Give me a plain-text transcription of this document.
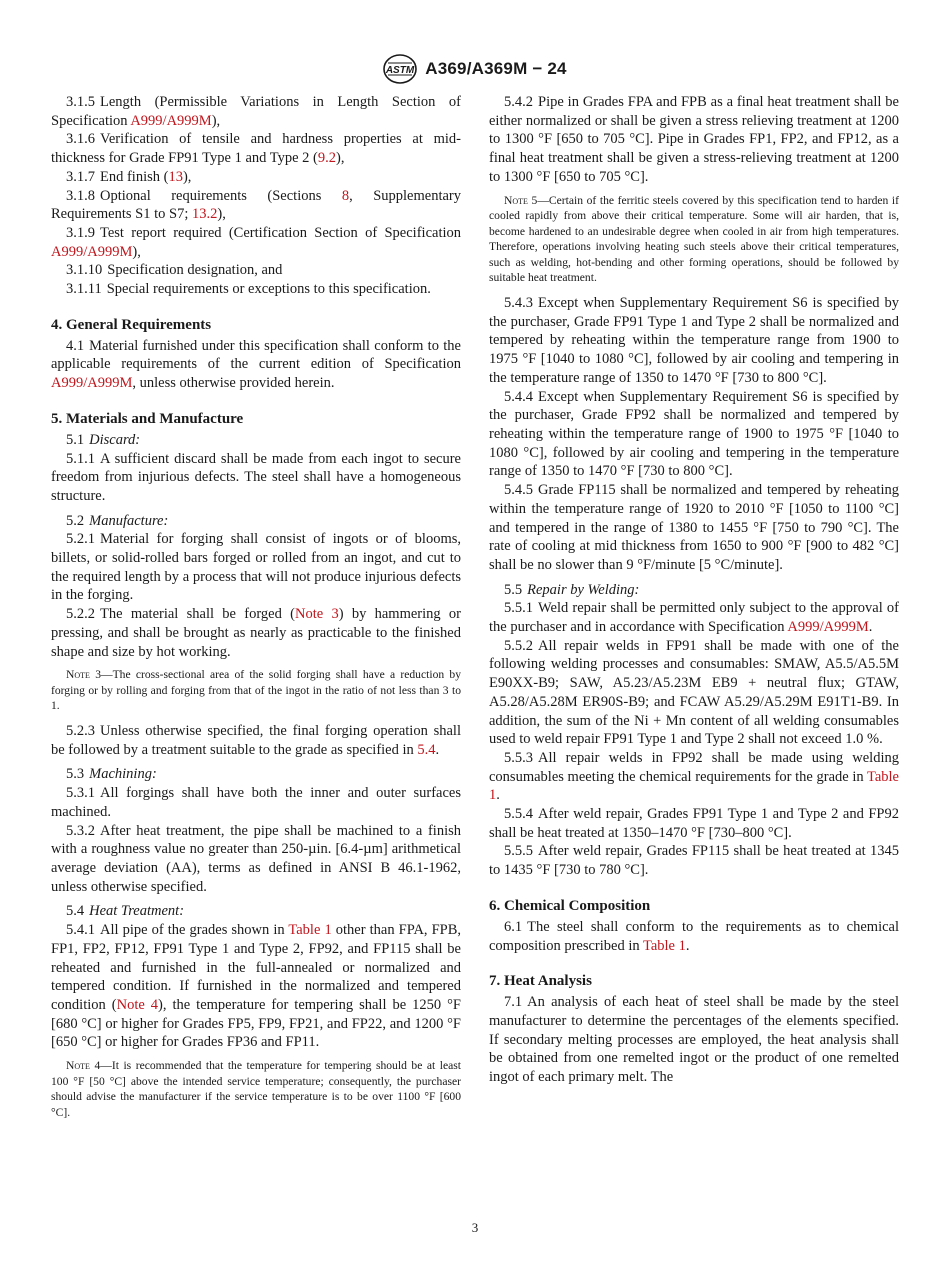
ASTM A369/A369M − 24

3.1.5 Length (Permissible Variations in Length Section of Specification A999/A999M),

3.1.6 Verification of tensile and hardness properties at mid-thickness for Grade FP91 Type 1 and Type 2 (9.2),

3.1.7 End finish (13),

3.1.8 Optional requirements (Sections 8, Supplementary Requirements S1 to S7; 13.2),

3.1.9 Test report required (Certification Section of Specification A999/A999M),

3.1.10 Specification designation, and

3.1.11 Special requirements or exceptions to this specification.

4. General Requirements

4.1 Material furnished under this specification shall conform to the applicable requirements of the current edition of Specification A999/A999M, unless otherwise provided herein.

5. Materials and Manufacture

5.1 Discard:

5.1.1 A sufficient discard shall be made from each ingot to secure freedom from injurious defects. The steel shall have a homogeneous structure.

5.2 Manufacture:

5.2.1 Material for forging shall consist of ingots or of blooms, billets, or solid-rolled bars forged or rolled from an ingot, and cut to the required length by a process that will not produce injurious defects in the forging.

5.2.2 The material shall be forged (Note 3) by hammering or pressing, and shall be brought as nearly as practicable to the finished shape and size by hot working.

Note 3—The cross-sectional area of the solid forging shall have a reduction by forging or by rolling and forging from that of the ingot in the ratio of not less than 3 to 1.

5.2.3 Unless otherwise specified, the final forging operation shall be followed by a treatment suitable to the grade as specified in 5.4.

5.3 Machining:

5.3.1 All forgings shall have both the inner and outer surfaces machined.

5.3.2 After heat treatment, the pipe shall be machined to a finish with a roughness value no greater than 250-µin. [6.4-µm] arithmetical average deviation (AA), terms as defined in ANSI B 46.1-1962, unless otherwise specified.

5.4 Heat Treatment:

5.4.1 All pipe of the grades shown in Table 1 other than FPA, FPB, FP1, FP2, FP12, FP91 Type 1 and Type 2, FP92, and FP115 shall be reheated and furnished in the full-annealed or normalized and tempered condition. If furnished in the normalized and tempered condition (Note 4), the temperature for tempering shall be 1250 °F [680 °C] or higher for Grades FP5, FP9, FP21, and FP22, and 1200 °F [650 °C] or higher for Grades FP36 and FP11.

Note 4—It is recommended that the temperature for tempering should be at least 100 °F [50 °C] above the intended service temperature; consequently, the purchaser should advise the manufacturer if the service temperature is to be over 1100 °F [600 °C].

5.4.2 Pipe in Grades FPA and FPB as a final heat treatment shall be either normalized or shall be given a stress relieving treatment at 1200 to 1300 °F [650 to 705 °C]. Pipe in Grades FP1, FP2, and FP12, as a final heat treatment shall be given a stress-relieving treatment at 1200 to 1300 °F [650 to 705 °C].

Note 5—Certain of the ferritic steels covered by this specification tend to harden if cooled rapidly from above their critical temperature. Some will air harden, that is, become hardened to an undesirable degree when cooled in air from high temperatures. Therefore, operations involving heating such steels above their critical temperatures, such as welding, hot-bending and other forming operations, should be followed by suitable heat treatment.

5.4.3 Except when Supplementary Requirement S6 is specified by the purchaser, Grade FP91 Type 1 and Type 2 shall be normalized and tempered by reheating within the temperature range from 1900 to 1975 °F [1040 to 1080 °C], followed by air cooling and tempering in the temperature range of 1350 to 1470 °F [730 to 800 °C].

5.4.4 Except when Supplementary Requirement S6 is specified by the purchaser, Grade FP92 shall be normalized and tempered by reheating within the temperature range of 1900 to 1975 °F [1040 to 1080 °C], followed by air cooling and tempering in the temperature range of 1350 to 1470 °F [730 to 800 °C].

5.4.5 Grade FP115 shall be normalized and tempered by reheating within the temperature range of 1920 to 2010 °F [1050 to 1100 °C] and tempered in the range of 1380 to 1455 °F [750 to 790 °C]. The rate of cooling at mid thickness from 1650 to 900 °F [900 to 482 °C] shall be no slower than 9 °F/minute [5 °C/minute].

5.5 Repair by Welding:

5.5.1 Weld repair shall be permitted only subject to the approval of the purchaser and in accordance with Specification A999/A999M.

5.5.2 All repair welds in FP91 shall be made with one of the following welding processes and consumables: SMAW, A5.5/A5.5M E90XX-B9; SAW, A5.23/A5.23M EB9 + neutral flux; GTAW, A5.28/A5.28M ER90S-B9; and FCAW A5.29/A5.29M E91T1-B9. In addition, the sum of the Ni + Mn content of all welding consumables used to weld repair FP91 Type 1 and Type 2 shall not exceed 1.0 %.

5.5.3 All repair welds in FP92 shall be made using welding consumables meeting the chemical requirements for the grade in Table 1.

5.5.4 After weld repair, Grades FP91 Type 1 and Type 2 and FP92 shall be heat treated at 1350–1470 °F [730–800 °C].

5.5.5 After weld repair, Grades FP115 shall be heat treated at 1345 to 1435 °F [730 to 780 °C].

6. Chemical Composition

6.1 The steel shall conform to the requirements as to chemical composition prescribed in Table 1.

7. Heat Analysis

7.1 An analysis of each heat of steel shall be made by the steel manufacturer to determine the percentages of the elements specified. If secondary melting processes are employed, the heat analysis shall be obtained from one remelted ingot or the product of one remelted ingot of each primary melt. The

3
